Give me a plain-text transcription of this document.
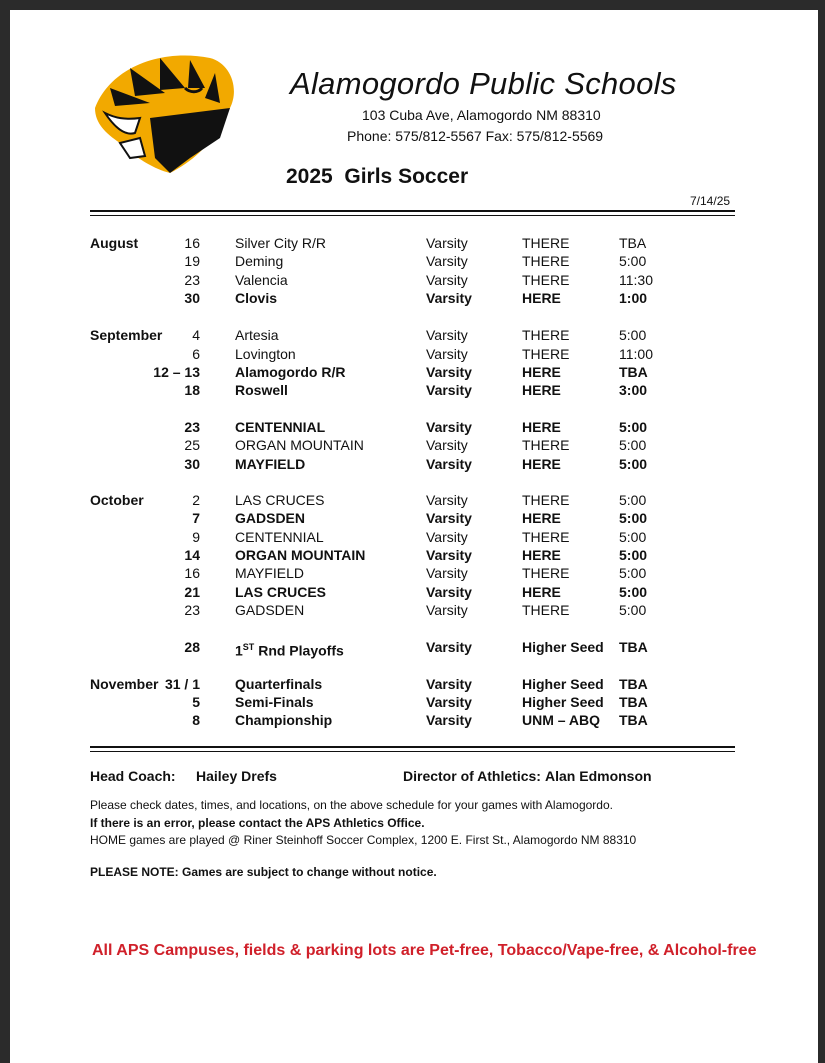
Alamogordo Public Schools
103 Cuba Ave, Alamogordo NM 88310
Phone: 575/812-5567 Fax: 575/812-5569
2025  Girls Soccer
7/14/25
August	16	Silver City R/R	Varsity	THERE	TBA
19	Deming	Varsity	THERE	5:00
23	Valencia	Varsity	THERE	11:30
30	Clovis	Varsity	HERE	1:00
September	4	Artesia	Varsity	THERE	5:00
6	Lovington	Varsity	THERE	11:00
12 – 13	Alamogordo R/R	Varsity	HERE	TBA
18	Roswell	Varsity	HERE	3:00
23	CENTENNIAL	Varsity	HERE	5:00
25	ORGAN MOUNTAIN	Varsity	THERE	5:00
30	MAYFIELD	Varsity	HERE	5:00
October	2	LAS CRUCES	Varsity	THERE	5:00
7	GADSDEN	Varsity	HERE	5:00
9	CENTENNIAL	Varsity	THERE	5:00
14	ORGAN MOUNTAIN	Varsity	HERE	5:00
16	MAYFIELD	Varsity	THERE	5:00
21	LAS CRUCES	Varsity	HERE	5:00
23	GADSDEN	Varsity	THERE	5:00
28	1ST Rnd Playoffs	Varsity	Higher Seed TBA
November 31 / 1	Quarterfinals	Varsity	Higher Seed TBA
5	Semi-Finals	Varsity	Higher Seed TBA
8	Championship	Varsity	UNM – ABQ TBA
Head Coach: Hailey Drefs	Director of Athletics: Alan Edmonson
Please check dates, times, and locations, on the above schedule for your games with Alamogordo.
If there is an error, please contact the APS Athletics Office.
HOME games are played @ Riner Steinhoff Soccer Complex, 1200 E. First St., Alamogordo NM 88310
PLEASE NOTE: Games are subject to change without notice.
All APS Campuses, fields & parking lots are Pet-free, Tobacco/Vape-free, & Alcohol-free
